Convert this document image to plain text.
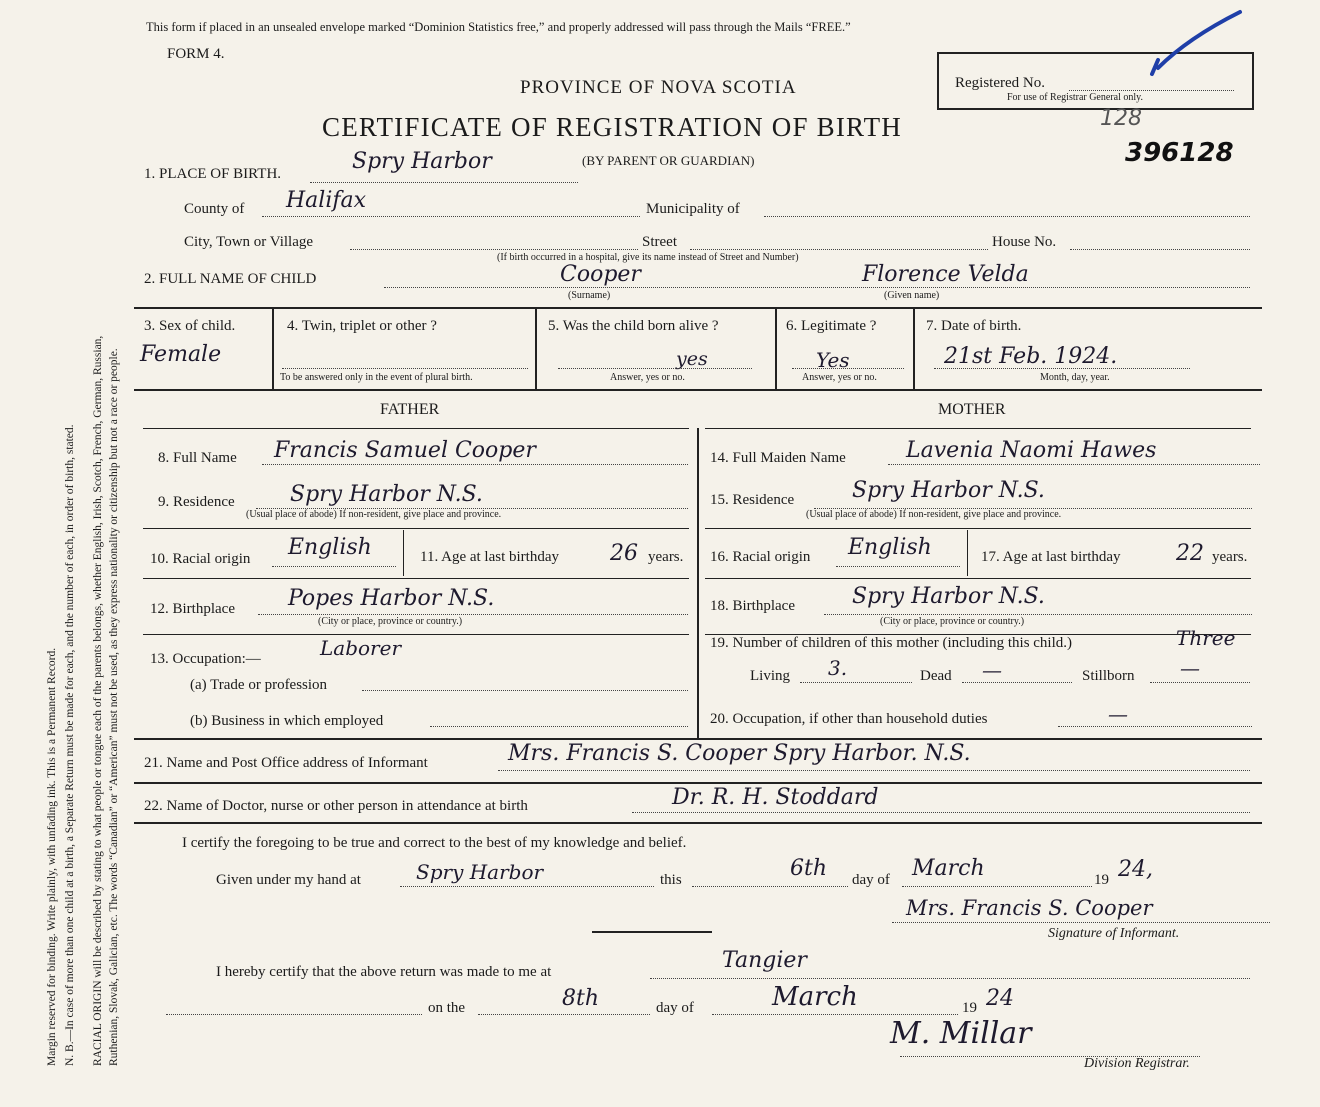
Margin reserved for binding. Write plainly, with unfading ink. This is a Permanent Record. N. B.—In case of more than one child at a birth, a Separate Return must be made for each, and the number of each, in order of birth, stated. RACIAL ORIGIN will be described by stating to what people or tongue each of the parents belongs, whether English, Irish, Scotch, French, German, Russian, Ruthenian, Slovak, Galician, etc. The words “Canadian” or “American” must not be used, as they express nationality or citizenship but not a race or people.
This form if placed in an unsealed envelope marked “Dominion Statistics free,” and properly addressed will pass through the Mails “FREE.”
FORM 4.
PROVINCE OF NOVA SCOTIA
CERTIFICATE OF REGISTRATION OF BIRTH
Registered No.
For use of Registrar General only.
128
396128
1. PLACE OF BIRTH.	Spry Harbor	(BY PARENT OR GUARDIAN)
County of Halifax	Municipality of
City, Town or Village	Street	House No.
(If birth occurred in a hospital, give its name instead of Street and Number)
2. FULL NAME OF CHILD	Cooper	Florence Velda
(Surname)	(Given name)
3. Sex of child.
Female
4. Twin, triplet or other ?
To be answered only in the event of plural birth.
5. Was the child born alive ?
yes
Answer, yes or no.
6. Legitimate ?
Yes
Answer, yes or no.
7. Date of birth.
21st Feb. 1924.
Month, day, year.
FATHER	MOTHER
8. Full Name Francis Samuel Cooper
9. Residence	Spry Harbor N.S.
(Usual place of abode) If non-resident, give place and province.
10. Racial origin English	11. Age at last birthday 26 years.
12. Birthplace Popes Harbor N.S.
(City or place, province or country.)
13. Occupation:—	Laborer
(a) Trade or profession
(b) Business in which employed
14. Full Maiden Name	Lavenia Naomi Hawes
15. Residence	Spry Harbor N.S.
(Usual place of abode) If non-resident, give place and province.
16. Racial origin English	17. Age at last birthday	22 years.
18. Birthplace	Spry Harbor N.S.
(City or place, province or country.)
19. Number of children of this mother (including this child.)	Three
Living 3.	Dead —	Stillborn —
20. Occupation, if other than household duties	—
21. Name and Post Office address of Informant	Mrs. Francis S. Cooper Spry Harbor. N.S.
22. Name of Doctor, nurse or other person in attendance at birth	Dr. R. H. Stoddard
I certify the foregoing to be true and correct to the best of my knowledge and belief.
Given under my hand at	Spry Harbor	this	6th day of March	19 24,
Mrs. Francis S. Cooper
Signature of Informant.
I hereby certify that the above return was made to me at	Tangier
on the	8th	day of	March	19 24
M. Millar
Division Registrar.
